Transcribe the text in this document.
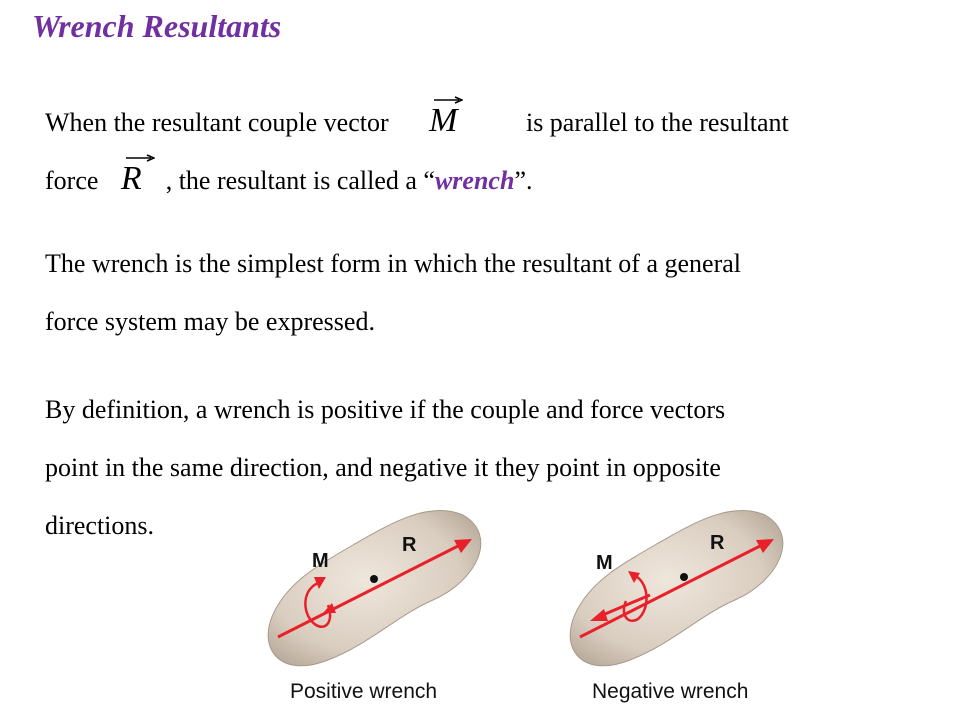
Wrench Resultants
When the resultant couple vector M	is parallel to the resultant
force R , the resultant is called a “wrench”.
The wrench is the simplest form in which the resultant of a general
force system may be expressed.
By definition, a wrench is positive if the couple and force vectors
point in the same direction, and negative it they point in opposite
directions.
M
R
M
R
Positive wrench	Negative wrench
